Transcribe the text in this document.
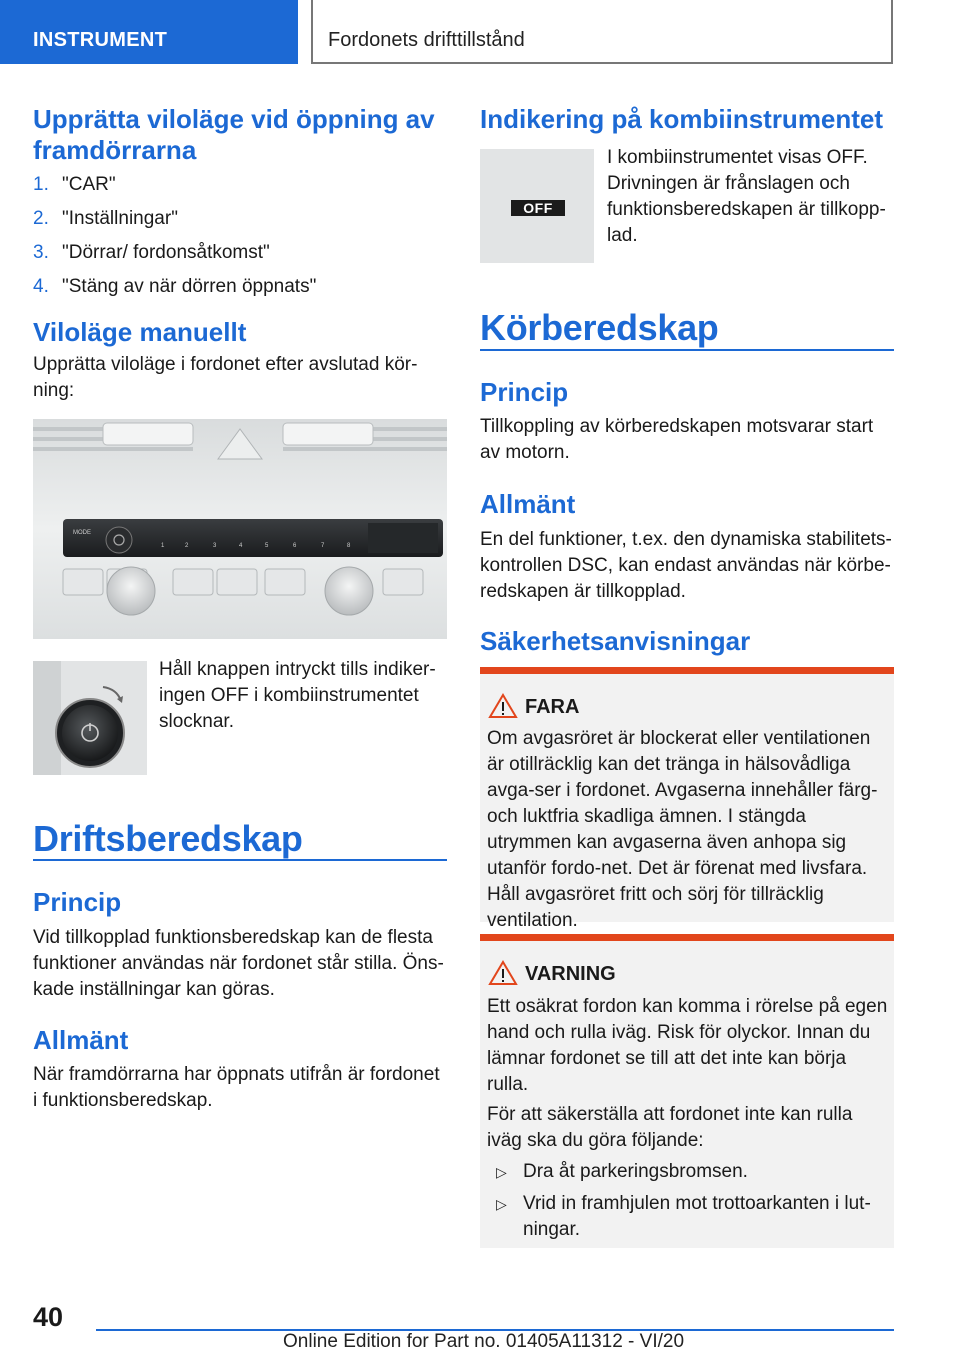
INSTRUMENT	Fordonets drifttillstånd
Upprätta viloläge vid öppning av framdörrarna
1. "CAR"
2. "Inställningar"
3. "Dörrar/ fordonsåtkomst"
4. "Stäng av när dörren öppnats"
Viloläge manuellt

Upprätta viloläge i fordonet efter avslutad kör-ning:

MODE
1	2	3	4	5	6	7	8

Håll knappen intryckt tills indiker-ingen OFF i kombiinstrumentet slocknar.

Driftsberedskap
Princip

Vid tillkopplad funktionsberedskap kan de flesta funktioner användas när fordonet står stilla. Öns-kade inställningar kan göras.

Allmänt

När framdörrarna har öppnats utifrån är fordonet i funktionsberedskap.

Indikering på kombiinstrumentet
OFF

I kombiinstrumentet visas OFF. Drivningen är frånslagen och funktionsberedskapen är tillkopp-lad.

Körberedskap
Princip

Tillkoppling av körberedskapen motsvarar start av motorn.

Allmänt

En del funktioner, t.ex. den dynamiska stabilitets-kontrollen DSC, kan endast användas när körbe-redskapen är tillkopplad.

Säkerhetsanvisningar
FARA

Om avgasröret är blockerat eller ventilationen är otillräcklig kan det tränga in hälsovådliga avga-ser i fordonet. Avgaserna innehåller färg- och luktfria skadliga ämnen. I stängda utrymmen kan avgaserna även anhopa sig utanför fordo-net. Det är förenat med livsfara. Håll avgasröret fritt och sörj för tillräcklig ventilation.

VARNING

Ett osäkrat fordon kan komma i rörelse på egen hand och rulla iväg. Risk för olyckor. Innan du lämnar fordonet se till att det inte kan börja rulla.

För att säkerställa att fordonet inte kan rulla iväg ska du göra följande:

▷ Dra åt parkeringsbromsen.
▷ Vrid in framhjulen mot trottoarkanten i lut-ningar.
40
Online Edition for Part no. 01405A11312 - VI/20
